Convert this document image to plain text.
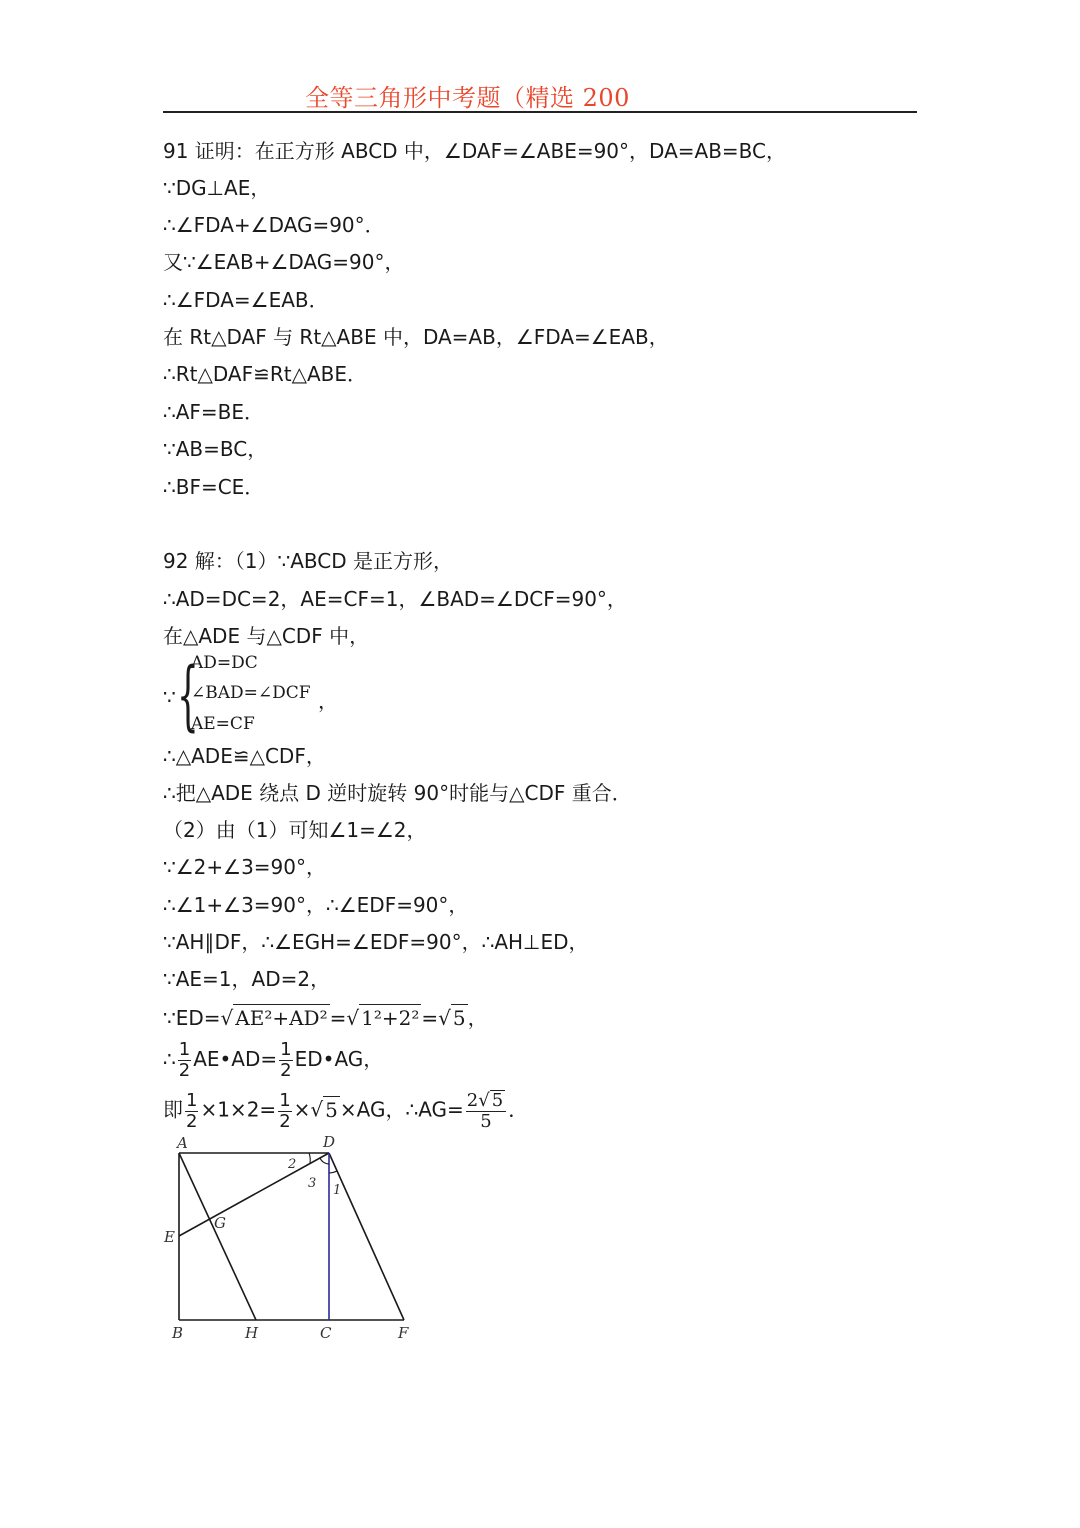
全等三角形中考题（精选 200
91 证明：在正方形 ABCD 中，∠DAF=∠ABE=90°，DA=AB=BC，
∵DG⊥AE，
∴∠FDA+∠DAG=90°．
又∵∠EAB+∠DAG=90°，
∴∠FDA=∠EAB．
在 Rt△DAF 与 Rt△ABE 中，DA=AB，∠FDA=∠EAB，
∴Rt△DAF≌Rt△ABE．
∴AF=BE．
∵AB=BC，
∴BF=CE．
92 解：（1）∵ABCD 是正方形，
∴AD=DC=2，AE=CF=1，∠BAD=∠DCF=90°，
在△ADE 与△CDF 中，
∵ {
AD=DC
∠BAD=∠DCF
AE=CF
，
∴△ADE≌△CDF，
∴把△ADE 绕点 D 逆时旋转 90°时能与△CDF 重合．
（2）由（1）可知∠1=∠2，
∵∠2+∠3=90°，
∴∠1+∠3=90°，∴∠EDF=90°，
∵AH∥DF，∴∠EGH=∠EDF=90°，∴AH⊥ED，
∵AE=1，AD=2，
∵ED=√ AE²+AD² =√ 1²+2² =√ 5 ，
∴ $\frac{1}{2}$ AE•AD= $\frac{1}{2}$ ED•AG，
即 $\frac{1}{2} \times 1\times 2= \frac{1}{2}$ ×√ 5 ×AG，∴AG= $\frac{2√ 5}{5}$ ．
A	D
E
G
B	H	C	F
2
3 1
